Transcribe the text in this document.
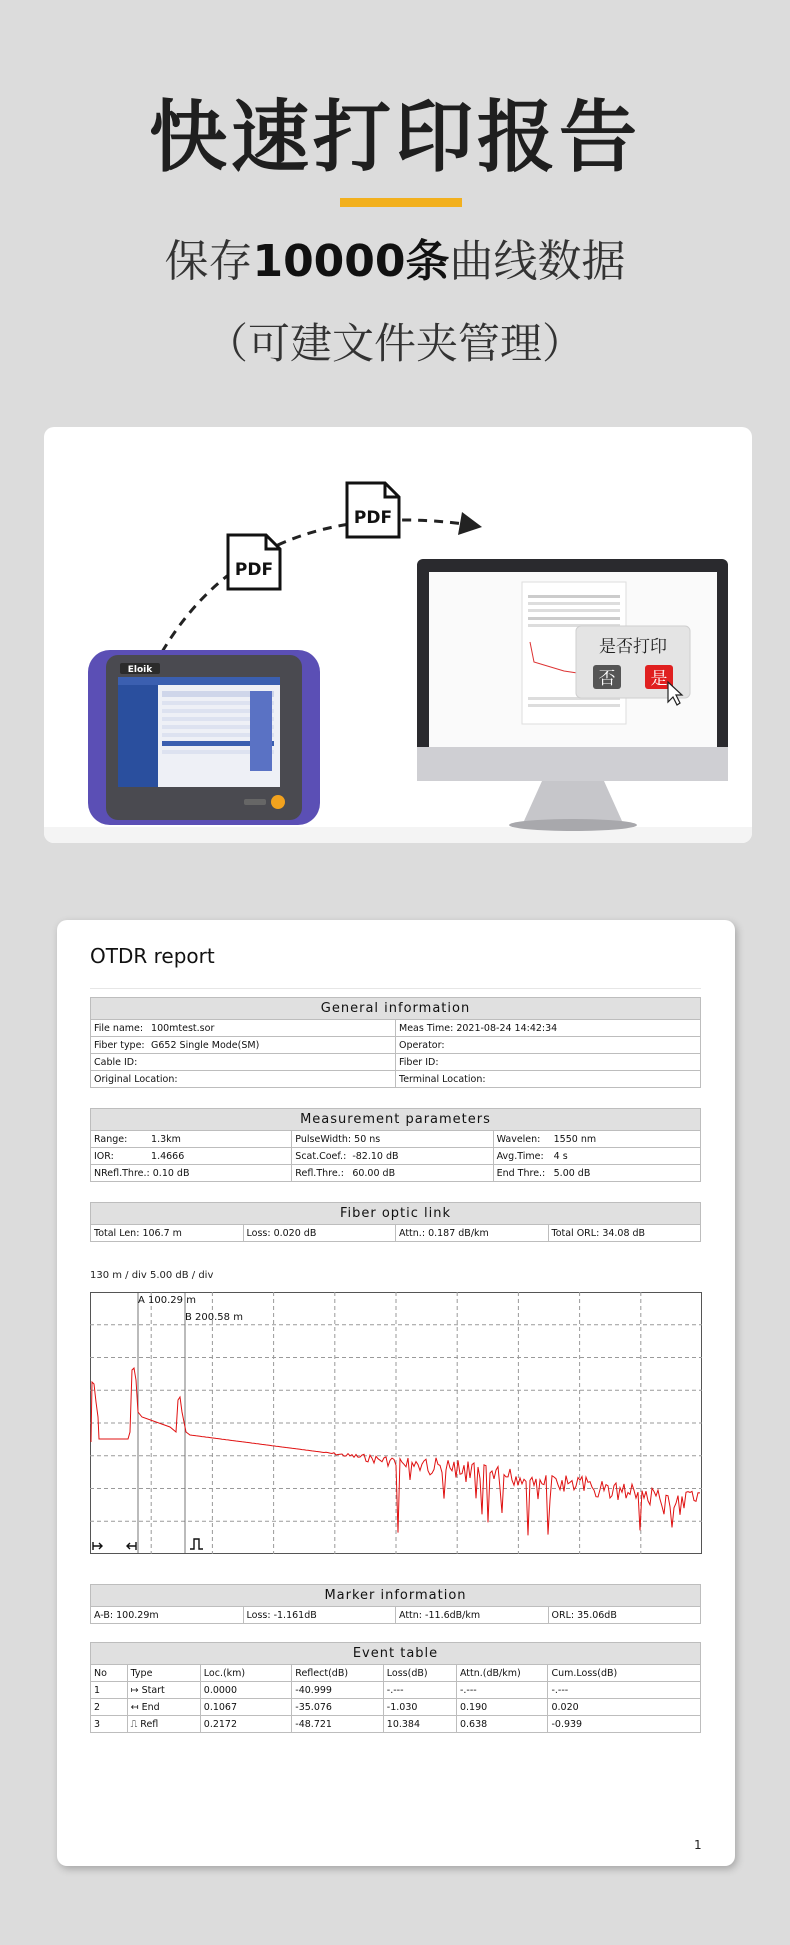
快速打印报告
保存10000条曲线数据
（可建文件夹管理）
PDF
PDF
Eloik
是否打印
否 是
OTDR report
General information	
File name: 100mtest.sor	Meas Time: 2021-08-24 14:42:34
Fiber type: G652 Single Mode(SM)	Operator:
Cable ID:	Fiber ID:
Original Location:	Terminal Location:
Measurement parameters		
Range: 1.3km	PulseWidth: 50 ns	Wavelen: 1550 nm
IOR: 1.4666	Scat.Coef.: -82.10 dB	Avg.Time: 4 s
NRefl.Thre.: 0.10 dB	Refl.Thre.: 60.00 dB	End Thre.: 5.00 dB
Fiber optic link
Total Len: 106.7 m	Loss: 0.020 dB	Attn.: 0.187 dB/km	Total ORL: 34.08 dB
130 m / div 5.00 dB / div
A 100.29 m
B 200.58 m
Marker information
A-B: 100.29m	Loss: -1.161dB	Attn: -11.6dB/km	ORL: 35.06dB
Event table						
No	Type	Loc.(km)	Reflect(dB)	Loss(dB)	Attn.(dB/km)	Cum.Loss(dB)
1	↦ Start	0.0000	-40.999	-.---	-.---	-.---
2	↤ End	0.1067	-35.076	-1.030	0.190	0.020
3	⎍ Refl	0.2172	-48.721	10.384	0.638	-0.939
1
